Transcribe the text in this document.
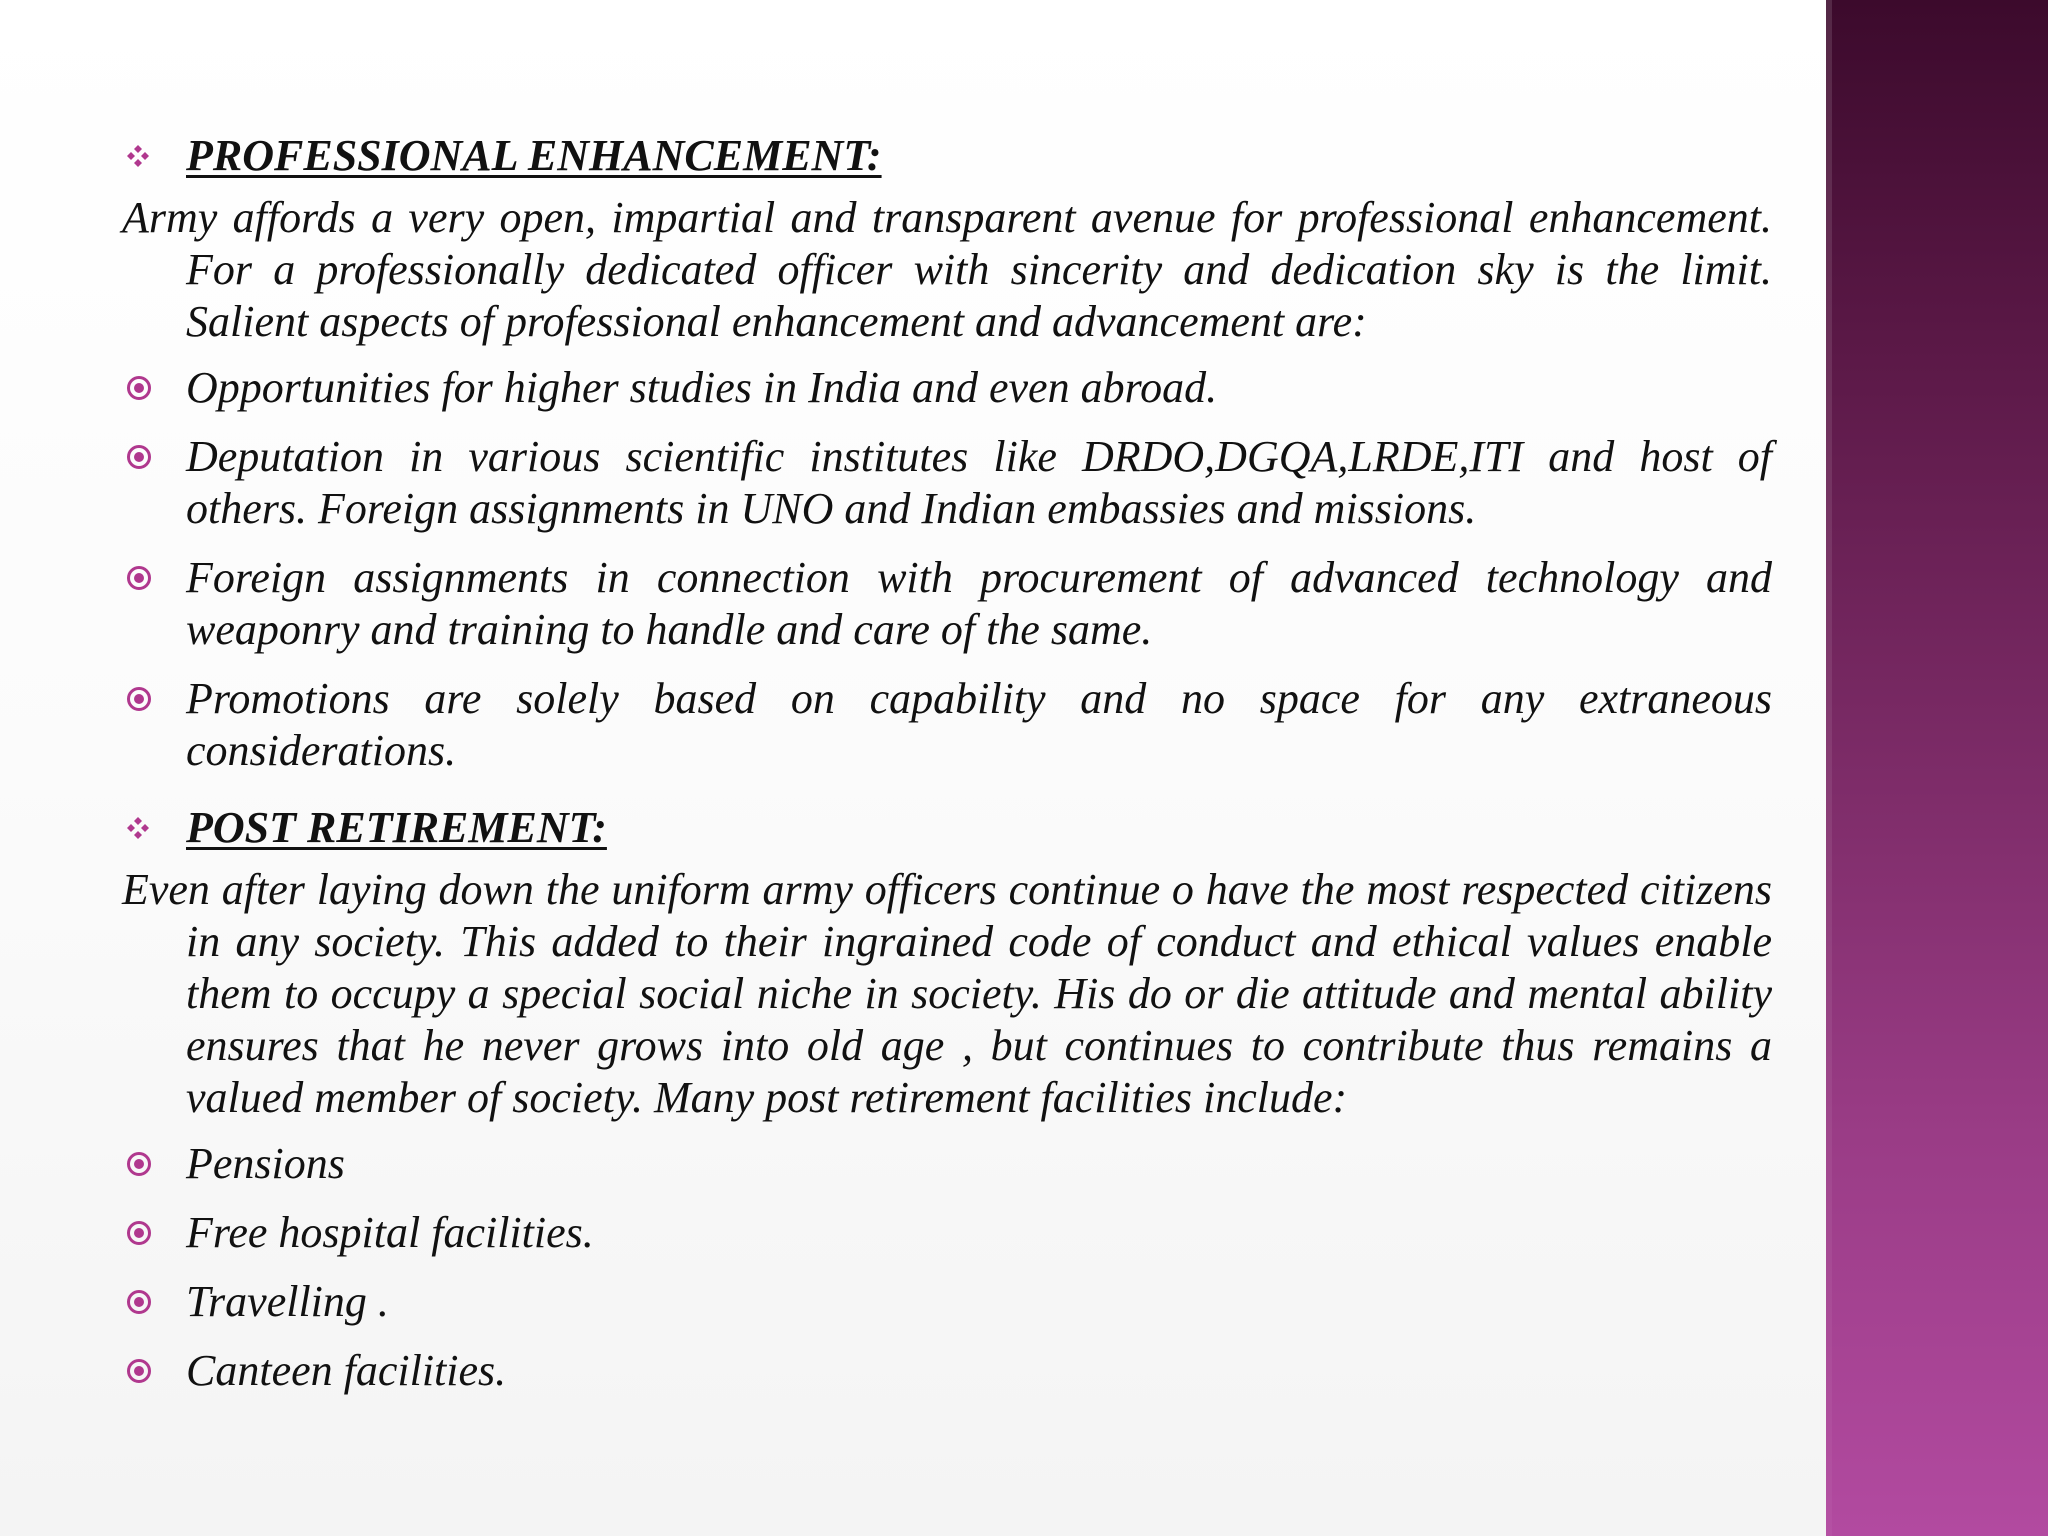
PROFESSIONAL ENHANCEMENT:

Army affords a very open, impartial and transparent avenue for professional enhancement. For a professionally dedicated officer with sincerity and dedication sky is the limit. Salient aspects of professional enhancement and advancement are:

Opportunities for higher studies in India and even abroad.
Deputation in various scientific institutes like DRDO,DGQA,LRDE,ITI and host of others. Foreign assignments in UNO and Indian embassies and missions.
Foreign assignments in connection with procurement of advanced technology and weaponry and training to handle and care of the same.
Promotions are solely based on capability and no space for any extraneous considerations.
POST RETIREMENT:

Even after laying down the uniform army officers continue o have the most respected citizens in any society. This added to their ingrained code of conduct and ethical values enable them to occupy a special social niche in society. His do or die attitude and mental ability ensures that he never grows into old age , but continues to contribute thus remains a valued member of society. Many post retirement facilities include:

Pensions
Free hospital facilities.
Travelling .
Canteen facilities.
